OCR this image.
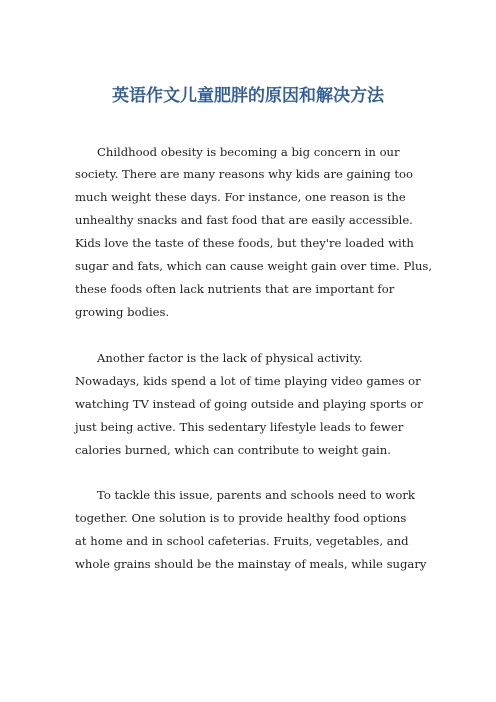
英语作文儿童肥胖的原因和解决方法
Childhood obesity is becoming a big concern in our
society. There are many reasons why kids are gaining too
much weight these days. For instance, one reason is the
unhealthy snacks and fast food that are easily accessible.
Kids love the taste of these foods, but they're loaded with
sugar and fats, which can cause weight gain over time. Plus,
these foods often lack nutrients that are important for
growing bodies.
Another factor is the lack of physical activity.
Nowadays, kids spend a lot of time playing video games or
watching TV instead of going outside and playing sports or
just being active. This sedentary lifestyle leads to fewer
calories burned, which can contribute to weight gain.
To tackle this issue, parents and schools need to work
together. One solution is to provide healthy food options
at home and in school cafeterias. Fruits, vegetables, and
whole grains should be the mainstay of meals, while sugary
